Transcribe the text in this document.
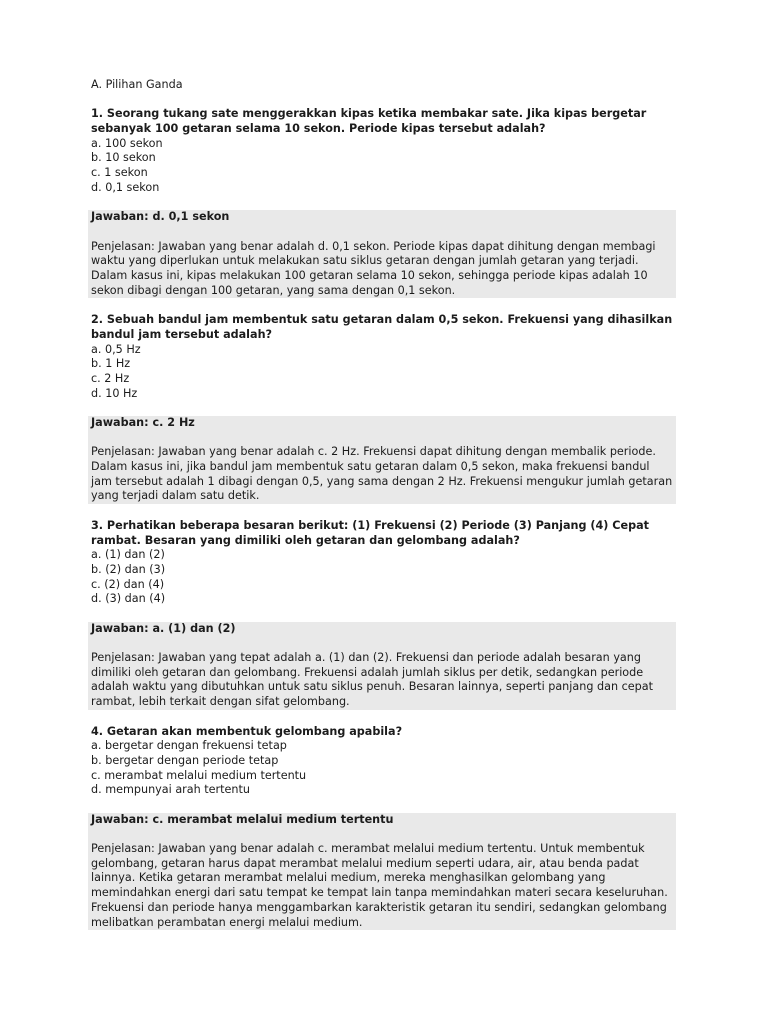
A. Pilihan Ganda

1. Seorang tukang sate menggerakkan kipas ketika membakar sate. Jika kipas bergetar sebanyak 100 getaran selama 10 sekon. Periode kipas tersebut adalah?

a. 100 sekon
b. 10 sekon
c. 1 sekon
d. 0,1 sekon
Jawaban: d. 0,1 sekon

Penjelasan: Jawaban yang benar adalah d. 0,1 sekon. Periode kipas dapat dihitung dengan membagi waktu yang diperlukan untuk melakukan satu siklus getaran dengan jumlah getaran yang terjadi. Dalam kasus ini, kipas melakukan 100 getaran selama 10 sekon, sehingga periode kipas adalah 10 sekon dibagi dengan 100 getaran, yang sama dengan 0,1 sekon.

2. Sebuah bandul jam membentuk satu getaran dalam 0,5 sekon. Frekuensi yang dihasilkan bandul jam tersebut adalah?

a. 0,5 Hz
b. 1 Hz
c. 2 Hz
d. 10 Hz
Jawaban: c. 2 Hz

Penjelasan: Jawaban yang benar adalah c. 2 Hz. Frekuensi dapat dihitung dengan membalik periode. Dalam kasus ini, jika bandul jam membentuk satu getaran dalam 0,5 sekon, maka frekuensi bandul jam tersebut adalah 1 dibagi dengan 0,5, yang sama dengan 2 Hz. Frekuensi mengukur jumlah getaran yang terjadi dalam satu detik.

3. Perhatikan beberapa besaran berikut: (1) Frekuensi (2) Periode (3) Panjang (4) Cepat rambat. Besaran yang dimiliki oleh getaran dan gelombang adalah?

a. (1) dan (2)
b. (2) dan (3)
c. (2) dan (4)
d. (3) dan (4)
Jawaban: a. (1) dan (2)

Penjelasan: Jawaban yang tepat adalah a. (1) dan (2). Frekuensi dan periode adalah besaran yang dimiliki oleh getaran dan gelombang. Frekuensi adalah jumlah siklus per detik, sedangkan periode adalah waktu yang dibutuhkan untuk satu siklus penuh. Besaran lainnya, seperti panjang dan cepat rambat, lebih terkait dengan sifat gelombang.

4. Getaran akan membentuk gelombang apabila?

a. bergetar dengan frekuensi tetap
b. bergetar dengan periode tetap
c. merambat melalui medium tertentu
d. mempunyai arah tertentu
Jawaban: c. merambat melalui medium tertentu

Penjelasan: Jawaban yang benar adalah c. merambat melalui medium tertentu. Untuk membentuk gelombang, getaran harus dapat merambat melalui medium seperti udara, air, atau benda padat lainnya. Ketika getaran merambat melalui medium, mereka menghasilkan gelombang yang memindahkan energi dari satu tempat ke tempat lain tanpa memindahkan materi secara keseluruhan. Frekuensi dan periode hanya menggambarkan karakteristik getaran itu sendiri, sedangkan gelombang melibatkan perambatan energi melalui medium.
